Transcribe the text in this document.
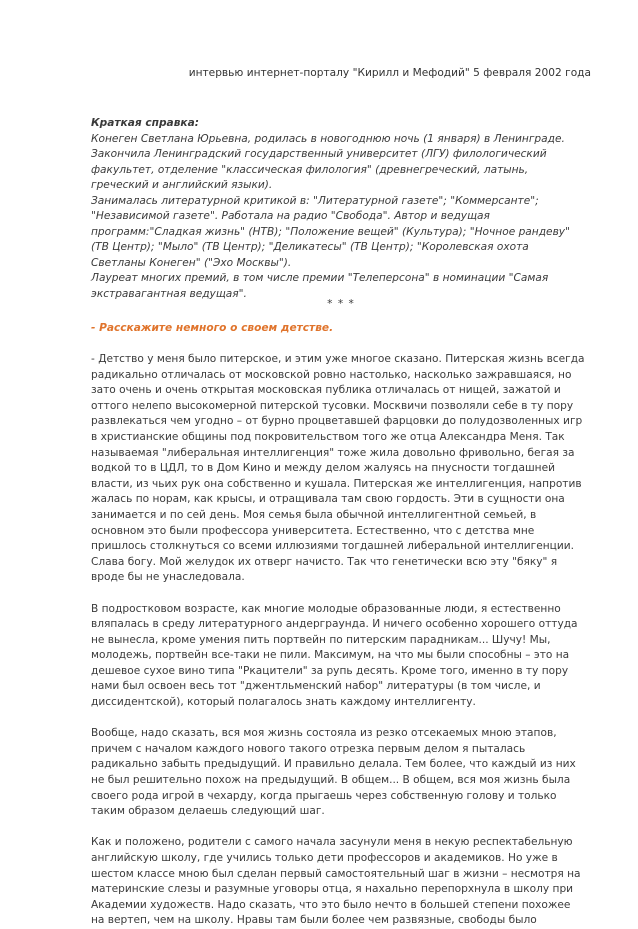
интервью интернет-порталу "Кирилл и Мефодий" 5 февраля 2002 года
Краткая справка:

Конеген Светлана Юрьевна, родилась в новогоднюю ночь (1 января) в Ленинграде. Закончила Ленинградский государственный университет (ЛГУ) филологический факультет, отделение "классическая филология" (древнегреческий, латынь, греческий и английский языки).

Занималась литературной критикой в: "Литературной газете"; "Коммерсанте"; "Независимой газете". Работала на радио "Свобода". Автор и ведущая программ:"Сладкая жизнь" (НТВ); "Положение вещей" (Культура); "Ночное рандеву" (ТВ Центр); "Мыло" (ТВ Центр); "Деликатесы" (ТВ Центр); "Королевская охота Светланы Конеген" ("Эхо Москвы").

Лауреат многих премий, в том числе премии "Телеперсона" в номинации "Самая экстравагантная ведущая".

* * *
- Расскажите немного о своем детстве.

- Детство у меня было питерское, и этим уже многое сказано. Питерская жизнь всегда радикально отличалась от московской ровно настолько, насколько зажравшаяся, но зато очень и очень открытая московская публика отличалась от нищей, зажатой и оттого нелепо высокомерной питерской тусовки. Москвичи позволяли себе в ту пору развлекаться чем угодно – от бурно процветавшей фарцовки до полудозволенных игр в христианские общины под покровительством того же отца Александра Меня. Так называемая "либеральная интеллигенция" тоже жила довольно фривольно, бегая за водкой то в ЦДЛ, то в Дом Кино и между делом жалуясь на пнусности тогдашней власти, из чьих рук она собственно и кушала. Питерская же интеллигенция, напротив жалась по норам, как крысы, и отращивала там свою гордость. Эти в сущности она занимается и по сей день. Моя семья была обычной интеллигентной семьей, в основном это были профессора университета. Естественно, что с детства мне пришлось столкнуться со всеми иллюзиями тогдашней либеральной интеллигенции. Слава богу. Мой желудок их отверг начисто. Так что генетически всю эту "бяку" я вроде бы не унаследовала.

В подростковом возрасте, как многие молодые образованные люди, я естественно вляпалась в среду литературного андерграунда. И ничего особенно хорошего оттуда не вынесла, кроме умения пить портвейн по питерским парадникам... Шучу! Мы, молодежь, портвейн все-таки не пили. Максимум, на что мы были способны – это на дешевое сухое вино типа "Ркацители" за рупь десять. Кроме того, именно в ту пору нами был освоен весь тот "джентльменский набор" литературы (в том числе, и диссидентской), который полагалось знать каждому интеллигенту.

Вообще, надо сказать, вся моя жизнь состояла из резко отсекаемых мною этапов, причем с началом каждого нового такого отрезка первым делом я пыталась радикально забыть предыдущий. И правильно делала. Тем более, что каждый из них не был решительно похож на предыдущий. В общем... В общем, вся моя жизнь была своего рода игрой в чехарду, когда прыгаешь через собственную голову и только таким образом делаешь следующий шаг.

Как и положено, родители с самого начала засунули меня в некую респектабельную английскую школу, где учились только дети профессоров и академиков. Но уже в шестом классе мною был сделан первый самостоятельный шаг в жизни – несмотря на материнские слезы и разумные уговоры отца, я нахально перепорхнула в школу при Академии художеств. Надо сказать, что это было нечто в большей степени похожее на вертеп, чем на школу. Нравы там были более чем развязные, свободы было
